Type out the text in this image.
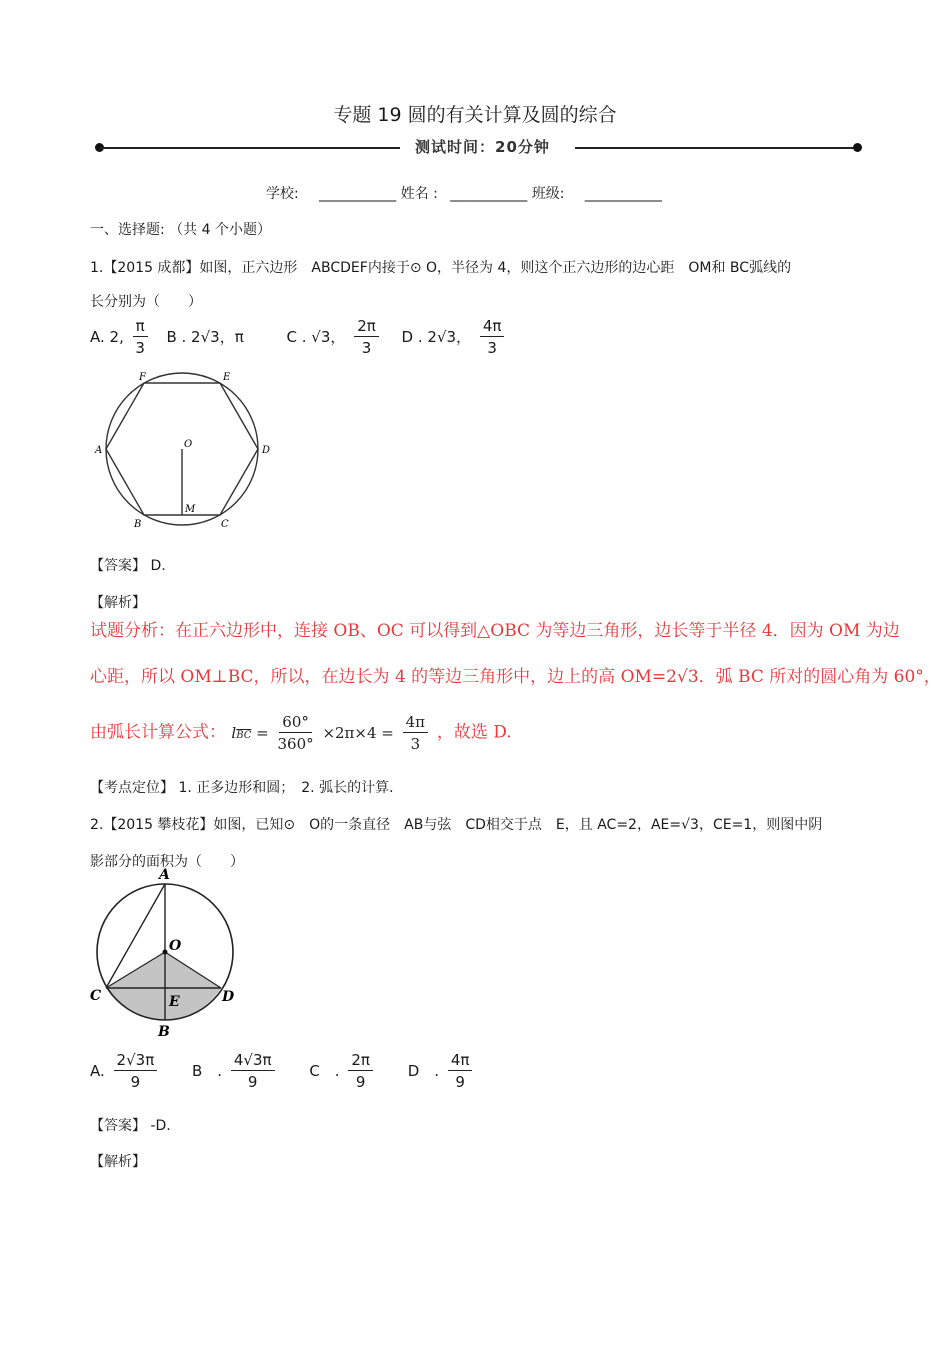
专题 19 圆的有关计算及圆的综合
测试时间：20分钟
学校: ___________ 姓名 : ___________ 班级: ___________
一、选择题: （共 4 个小题）
1.【2015 成都】如图，正六边形　ABCDEF内接于⊙ O，半径为 4，则这个正六边形的边心距　OM和 BC弧线的
长分别为（　　）
A. 2, $\frac{\pi}{3}$ B . 2√3，π	C . √3， $\frac{2\pi}{3}$ D . 2√3， $\frac{4\pi}{3}$
F	E
A	D
O
B
M
C
【答案】 D.
【解析】
试题分析：在正六边形中，连接 OB、OC 可以得到△OBC 为等边三角形，边长等于半径 4．因为 OM 为边
心距，所以 OM⊥BC，所以，在边长为 4 的等边三角形中，边上的高 OM=2√3．弧 BC 所对的圆心角为 60°，
由弧长计算公式： $l\overline{BC} = \frac{60^\circ}{360^\circ} \times 2\pi\times 4 = \frac{4\pi}{3}$ ，故选 D.
【考点定位】 1. 正多边形和圆；　2. 弧长的计算.
2.【2015 攀枝花】如图，已知⊙　O的一条直径　AB与弦　CD相交于点　E，且 AC=2，AE=√3，CE=1，则图中阴
影部分的面积为（　　）
A
O
C	E	D
B
A. $\frac{2√3\pi}{9}$ B　. $\frac{4√3\pi}{9}$ C　. $\frac{2\pi}{9}$ D　. $\frac{4\pi}{9}$
【答案】 -D.
【解析】
